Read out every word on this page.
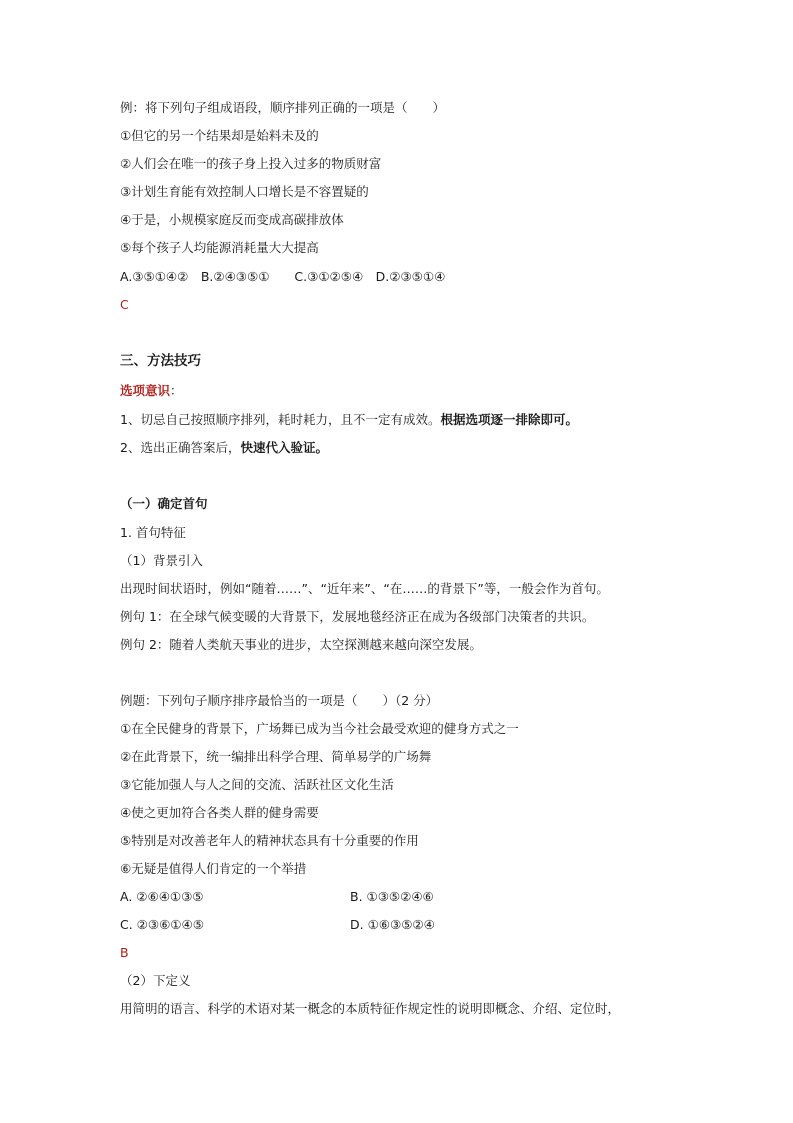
例：将下列句子组成语段，顺序排列正确的一项是（　　）
①但它的另一个结果却是始料未及的
②人们会在唯一的孩子身上投入过多的物质财富
③计划生育能有效控制人口增长是不容置疑的
④于是，小规模家庭反而变成高碳排放体
⑤每个孩子人均能源消耗量大大提高
A.③⑤①④②　B.②④③⑤①　　C.③①②⑤④　D.②③⑤①④
C
三、方法技巧
选项意识：
1、切忌自己按照顺序排列，耗时耗力，且不一定有成效。根据选项逐一排除即可。
2、选出正确答案后，快速代入验证。
（一）确定首句
1. 首句特征
（1）背景引入
出现时间状语时，例如“随着……”、“近年来”、“在……的背景下”等，一般会作为首句。
例句 1：在全球气候变暖的大背景下，发展地毯经济正在成为各级部门决策者的共识。
例句 2：随着人类航天事业的进步，太空探测越来越向深空发展。
例题：下列句子顺序排序最恰当的一项是（　　）（2 分）
①在全民健身的背景下，广场舞已成为当今社会最受欢迎的健身方式之一
②在此背景下，统一编排出科学合理、简单易学的广场舞
③它能加强人与人之间的交流、活跃社区文化生活
④使之更加符合各类人群的健身需要
⑤特别是对改善老年人的精神状态具有十分重要的作用
⑥无疑是值得人们肯定的一个举措
A. ②⑥④①③⑤	B. ①③⑤②④⑥
C. ②③⑥①④⑤	D. ①⑥③⑤②④
B
（2）下定义
用简明的语言、科学的术语对某一概念的本质特征作规定性的说明即概念、介绍、定位时，
